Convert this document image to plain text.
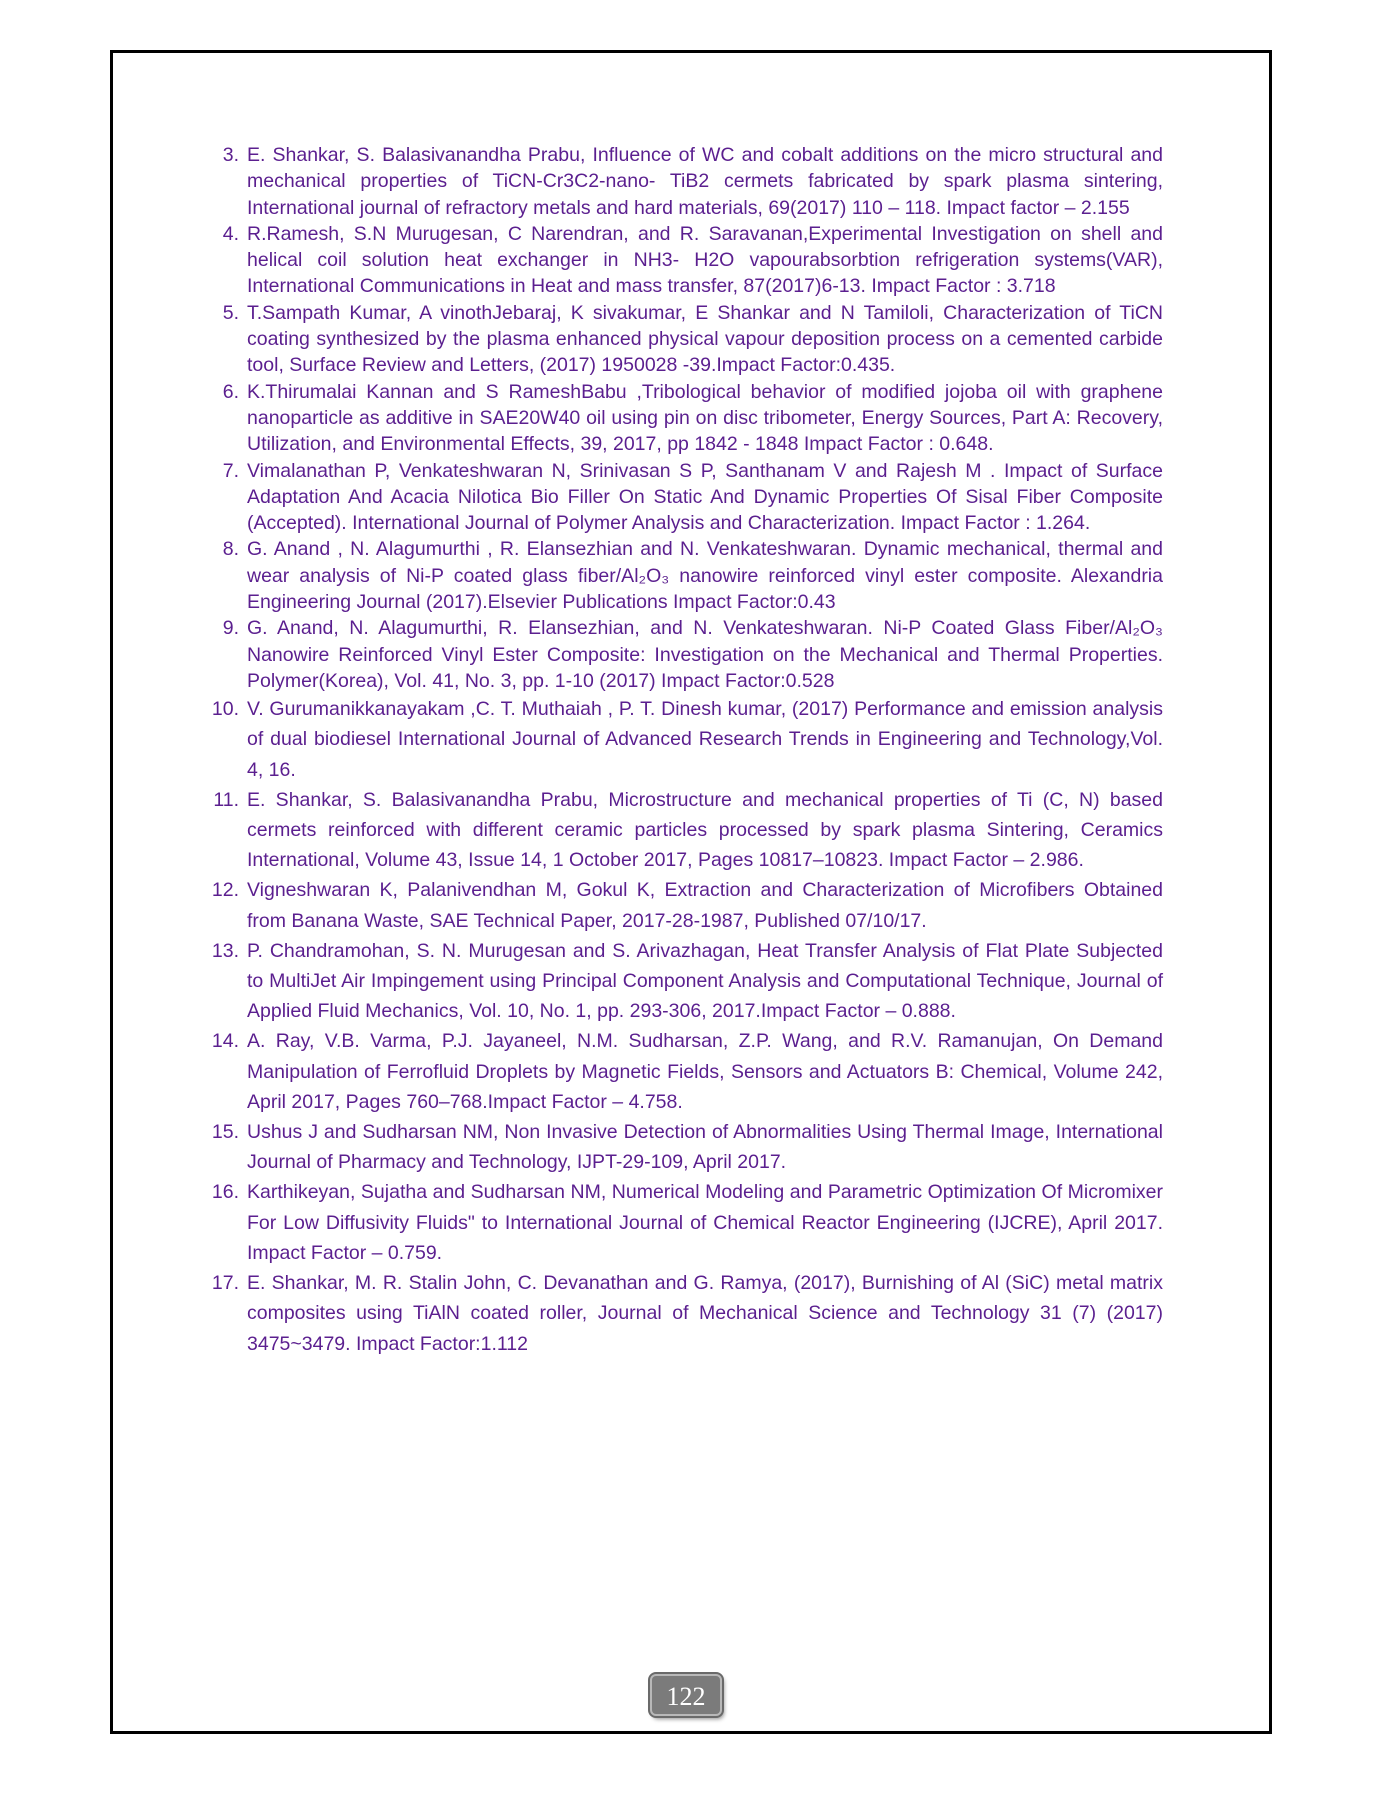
3. E. Shankar, S. Balasivanandha Prabu, Influence of WC and cobalt additions on the micro structural and mechanical properties of TiCN-Cr3C2-nano- TiB2 cermets fabricated by spark plasma sintering, International journal of refractory metals and hard materials, 69(2017) 110 – 118. Impact factor – 2.155
4. R.Ramesh, S.N Murugesan, C Narendran, and R. Saravanan,Experimental Investigation on shell and helical coil solution heat exchanger in NH3- H2O vapourabsorbtion refrigeration systems(VAR), International Communications in Heat and mass transfer, 87(2017)6-13. Impact Factor : 3.718
5. T.Sampath Kumar, A vinothJebaraj, K sivakumar, E Shankar and N Tamiloli, Characterization of TiCN coating synthesized by the plasma enhanced physical vapour deposition process on a cemented carbide tool, Surface Review and Letters, (2017) 1950028 -39.Impact Factor:0.435.
6. K.Thirumalai Kannan and S RameshBabu ,Tribological behavior of modified jojoba oil with graphene nanoparticle as additive in SAE20W40 oil using pin on disc tribometer, Energy Sources, Part A: Recovery, Utilization, and Environmental Effects, 39, 2017, pp 1842 - 1848 Impact Factor : 0.648.
7. Vimalanathan P, Venkateshwaran N, Srinivasan S P, Santhanam V and Rajesh M . Impact of Surface Adaptation And Acacia Nilotica Bio Filler On Static And Dynamic Properties Of Sisal Fiber Composite (Accepted). International Journal of Polymer Analysis and Characterization. Impact Factor : 1.264.
8. G. Anand , N. Alagumurthi , R. Elansezhian and N. Venkateshwaran. Dynamic mechanical, thermal and wear analysis of Ni-P coated glass fiber/Al₂O₃ nanowire reinforced vinyl ester composite. Alexandria Engineering Journal (2017).Elsevier Publications Impact Factor:0.43
9. G. Anand, N. Alagumurthi, R. Elansezhian, and N. Venkateshwaran. Ni-P Coated Glass Fiber/Al₂O₃ Nanowire Reinforced Vinyl Ester Composite: Investigation on the Mechanical and Thermal Properties. Polymer(Korea), Vol. 41, No. 3, pp. 1-10 (2017) Impact Factor:0.528
10. V. Gurumanikkanayakam ,C. T. Muthaiah , P. T. Dinesh kumar, (2017) Performance and emission analysis of dual biodiesel International Journal of Advanced Research Trends in Engineering and Technology,Vol. 4, 16.
11. E. Shankar, S. Balasivanandha Prabu, Microstructure and mechanical properties of Ti (C, N) based cermets reinforced with different ceramic particles processed by spark plasma Sintering, Ceramics International, Volume 43, Issue 14, 1 October 2017, Pages 10817–10823. Impact Factor – 2.986.
12. Vigneshwaran K, Palanivendhan M, Gokul K, Extraction and Characterization of Microfibers Obtained from Banana Waste, SAE Technical Paper, 2017-28-1987, Published 07/10/17.
13. P. Chandramohan, S. N. Murugesan and S. Arivazhagan, Heat Transfer Analysis of Flat Plate Subjected to MultiJet Air Impingement using Principal Component Analysis and Computational Technique, Journal of Applied Fluid Mechanics, Vol. 10, No. 1, pp. 293-306, 2017.Impact Factor – 0.888.
14. A. Ray, V.B. Varma, P.J. Jayaneel, N.M. Sudharsan, Z.P. Wang, and R.V. Ramanujan, On Demand Manipulation of Ferrofluid Droplets by Magnetic Fields, Sensors and Actuators B: Chemical, Volume 242, April 2017, Pages 760–768.Impact Factor – 4.758.
15. Ushus J and Sudharsan NM, Non Invasive Detection of Abnormalities Using Thermal Image, International Journal of Pharmacy and Technology, IJPT-29-109, April 2017.
16. Karthikeyan, Sujatha and Sudharsan NM, Numerical Modeling and Parametric Optimization Of Micromixer For Low Diffusivity Fluids" to International Journal of Chemical Reactor Engineering (IJCRE), April 2017. Impact Factor – 0.759.
17. E. Shankar, M. R. Stalin John, C. Devanathan and G. Ramya, (2017), Burnishing of Al (SiC) metal matrix composites using TiAlN coated roller, Journal of Mechanical Science and Technology 31 (7) (2017) 3475~3479. Impact Factor:1.112
122
